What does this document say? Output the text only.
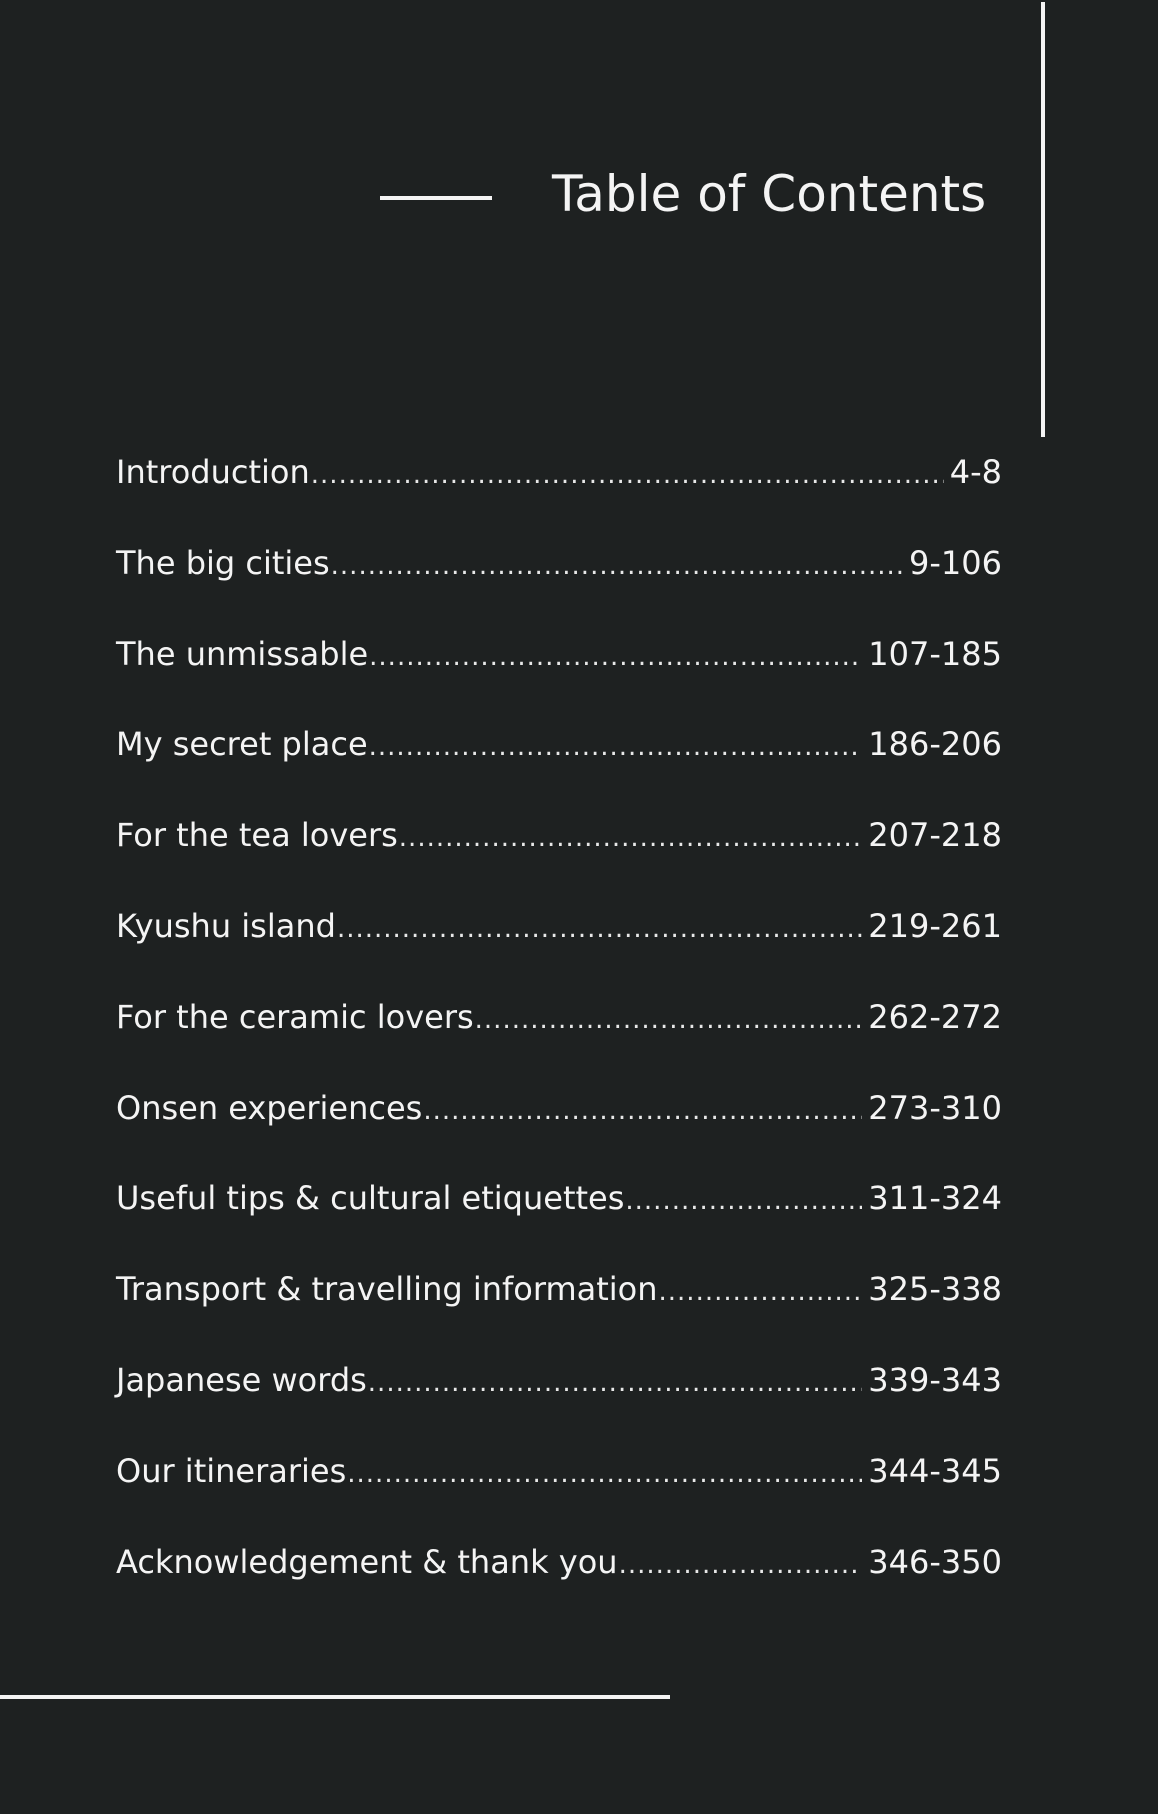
Table of Contents
Introduction .....	4-8
The big cities .....	9-106
The unmissable .....	107-185
My secret place .....	186-206
For the tea lovers .....	207-218
Kyushu island .....	219-261
For the ceramic lovers .....	262-272
Onsen experiences .....	273-310
Useful tips & cultural etiquettes .....	311-324
Transport & travelling information .....	325-338
Japanese words .....	339-343
Our itineraries .....	344-345
Acknowledgement & thank you .....	346-350
